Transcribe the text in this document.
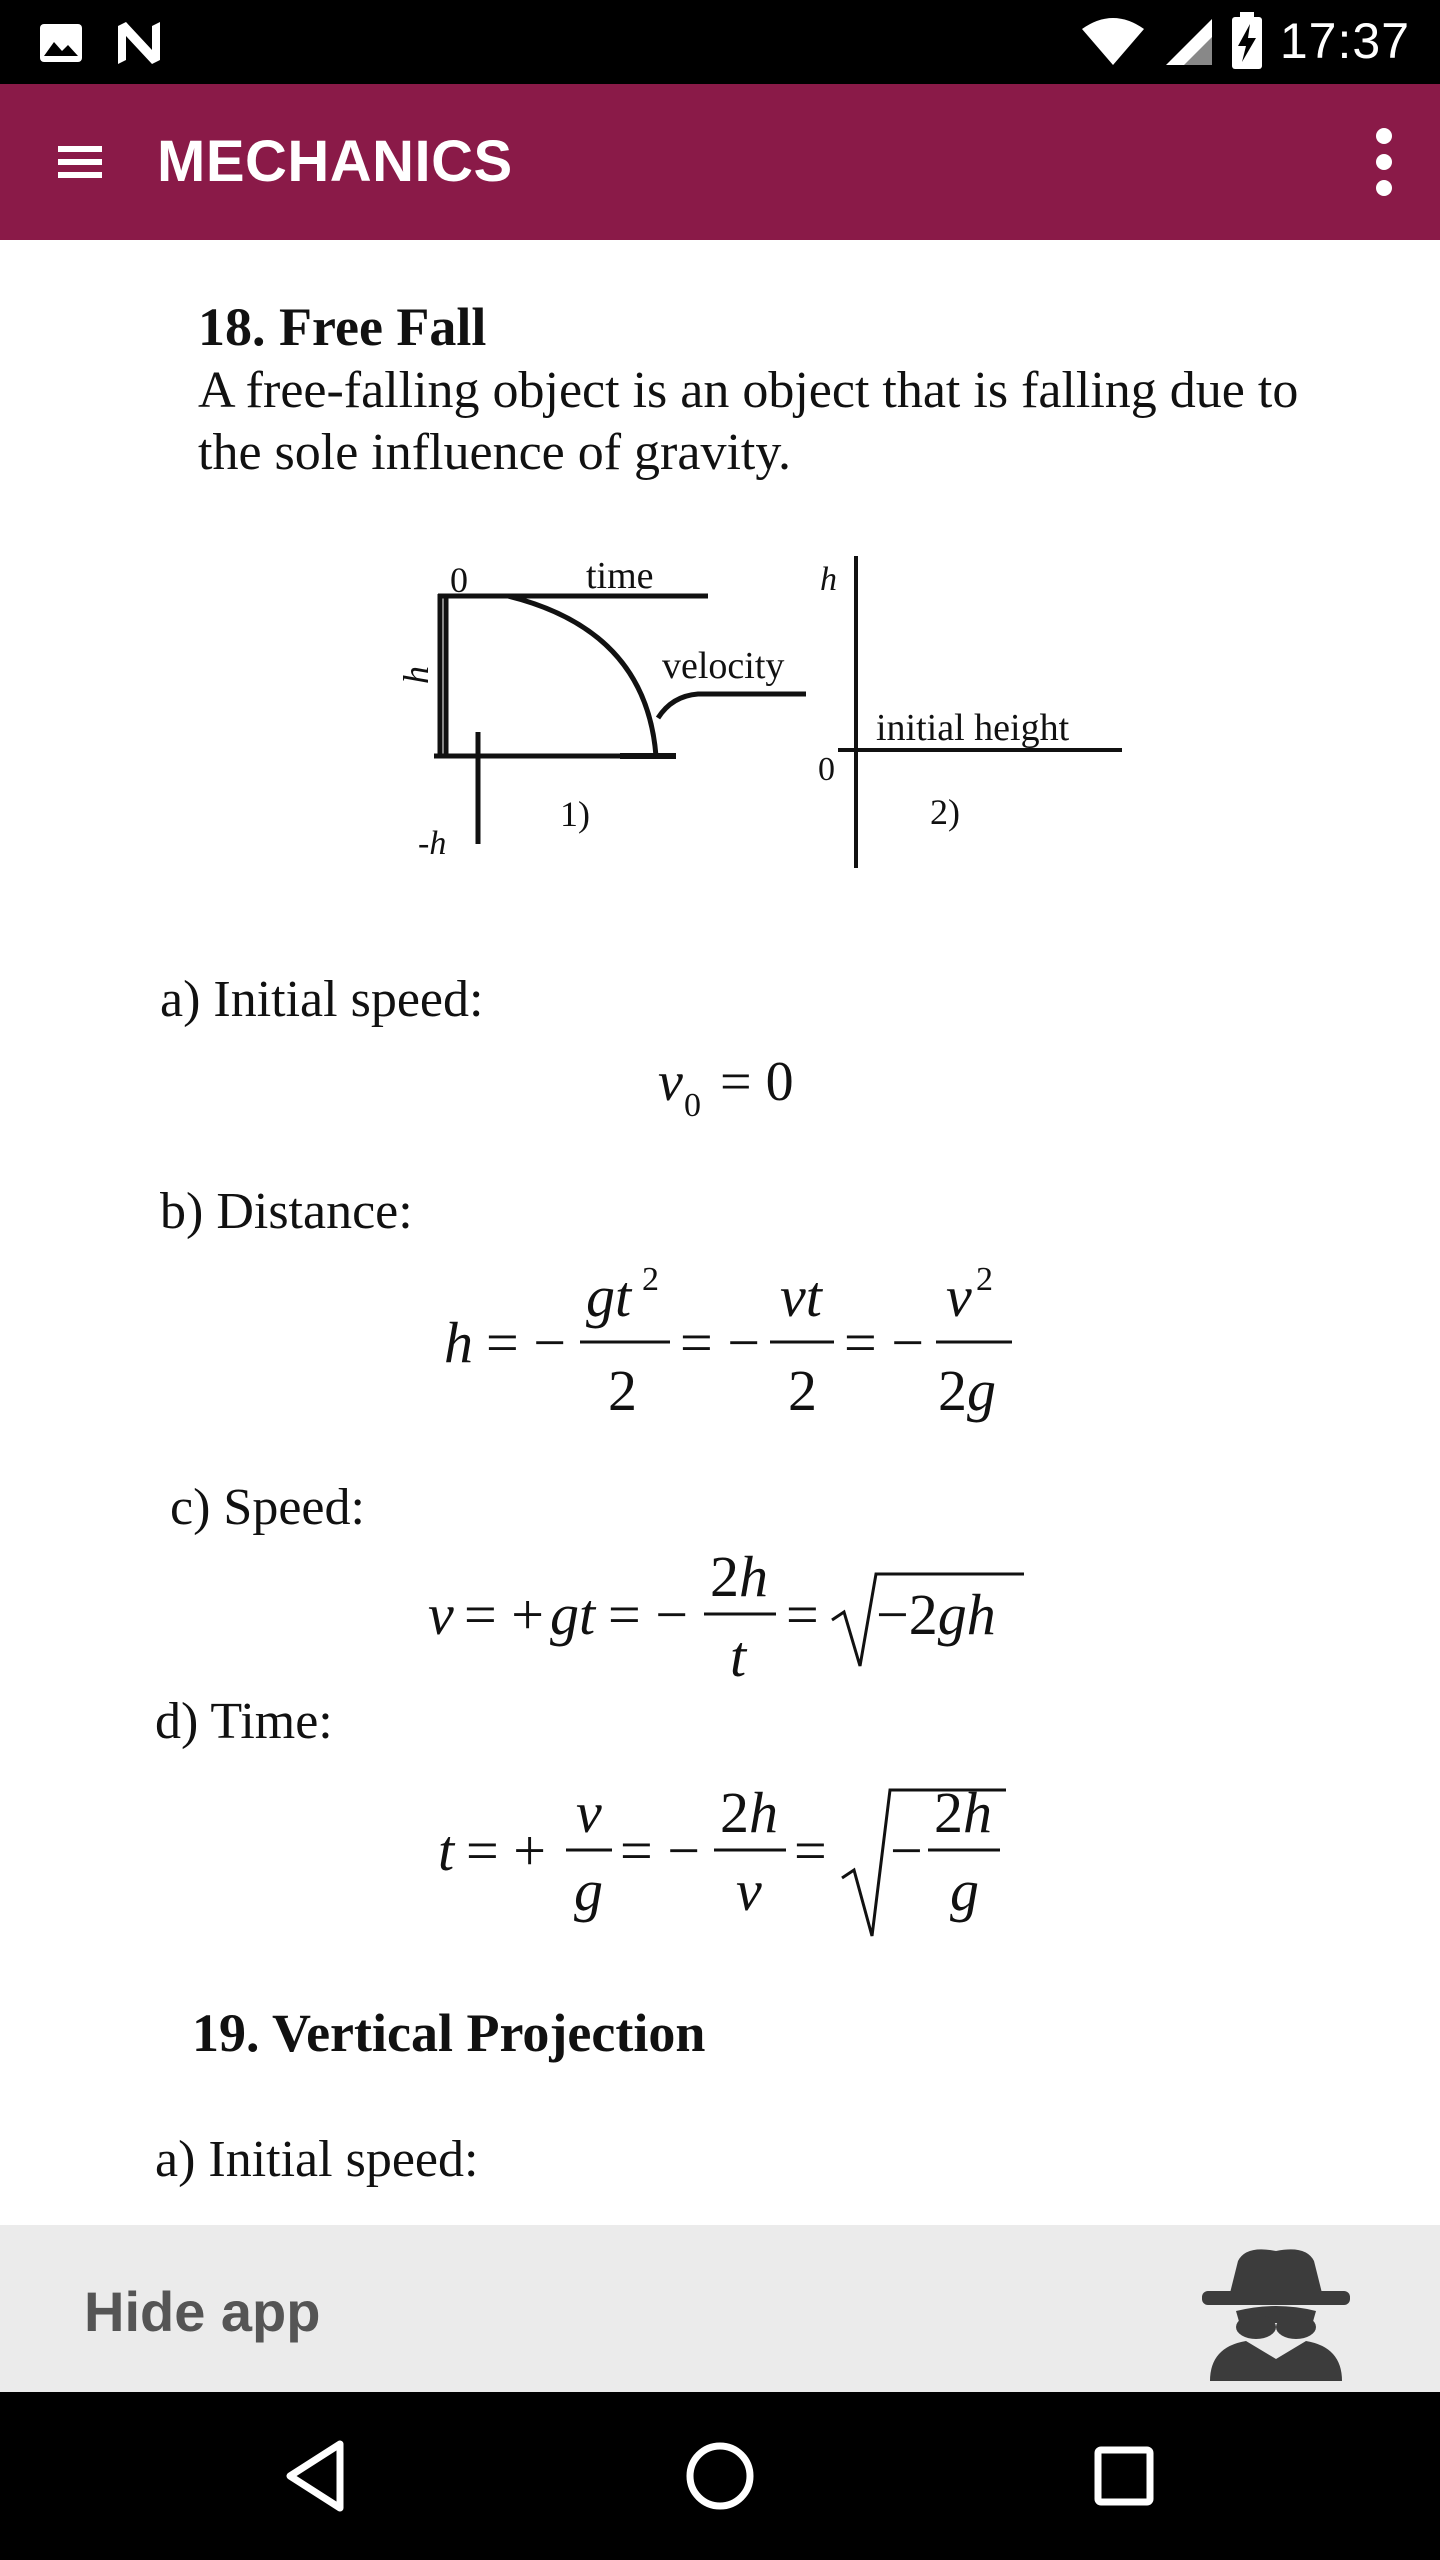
17:37
MECHANICS
18. Free Fall
A free-falling object is an object that is falling due to
the sole influence of gravity.
0	time
h	velocity
-h
1)
h
initial height
0
2)
a) Initial speed:
v 0 = 0
b) Distance:
h = −
gt 2
2
= −
vt
2
= −
v 2
2g
c) Speed:
v = + gt = −
2h
t
= −2gh
d) Time:
t = +
v
g
= −
2h
v
= −
2h
g
19. Vertical Projection
a) Initial speed:
Hide app
